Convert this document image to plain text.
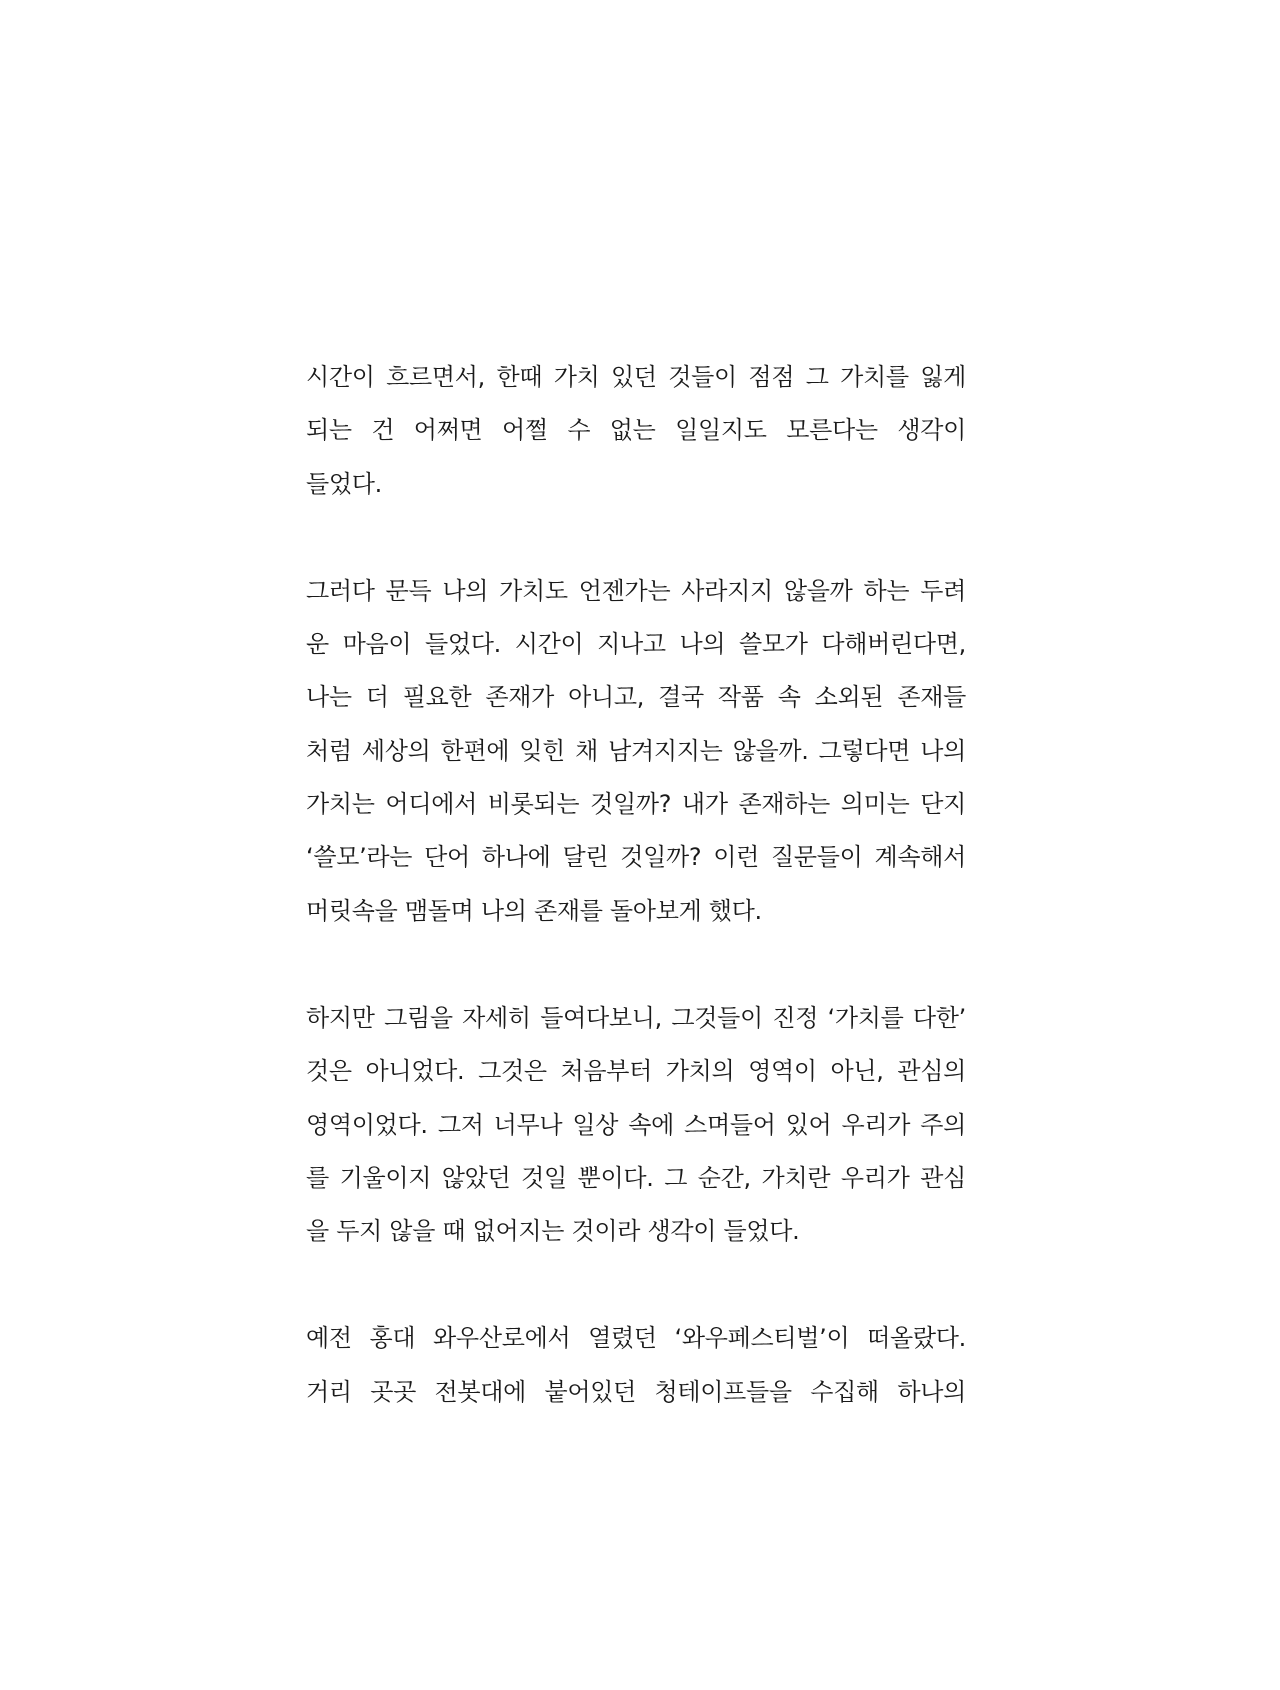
시간이 흐르면서, 한때 가치 있던 것들이 점점 그 가치를 잃게
되는 건 어쩌면 어쩔 수 없는 일일지도 모른다는 생각이
들었다.
그러다 문득 나의 가치도 언젠가는 사라지지 않을까 하는 두려
운 마음이 들었다. 시간이 지나고 나의 쓸모가 다해버린다면,
나는 더 필요한 존재가 아니고, 결국 작품 속 소외된 존재들
처럼 세상의 한편에 잊힌 채 남겨지지는 않을까. 그렇다면 나의
가치는 어디에서 비롯되는 것일까? 내가 존재하는 의미는 단지
‘쓸모’라는 단어 하나에 달린 것일까? 이런 질문들이 계속해서
머릿속을 맴돌며 나의 존재를 돌아보게 했다.
하지만 그림을 자세히 들여다보니, 그것들이 진정 ‘가치를 다한’
것은 아니었다. 그것은 처음부터 가치의 영역이 아닌, 관심의
영역이었다. 그저 너무나 일상 속에 스며들어 있어 우리가 주의
를 기울이지 않았던 것일 뿐이다. 그 순간, 가치란 우리가 관심
을 두지 않을 때 없어지는 것이라 생각이 들었다.
예전 홍대 와우산로에서 열렸던 ‘와우페스티벌’이 떠올랐다.
거리 곳곳 전봇대에 붙어있던 청테이프들을 수집해 하나의
